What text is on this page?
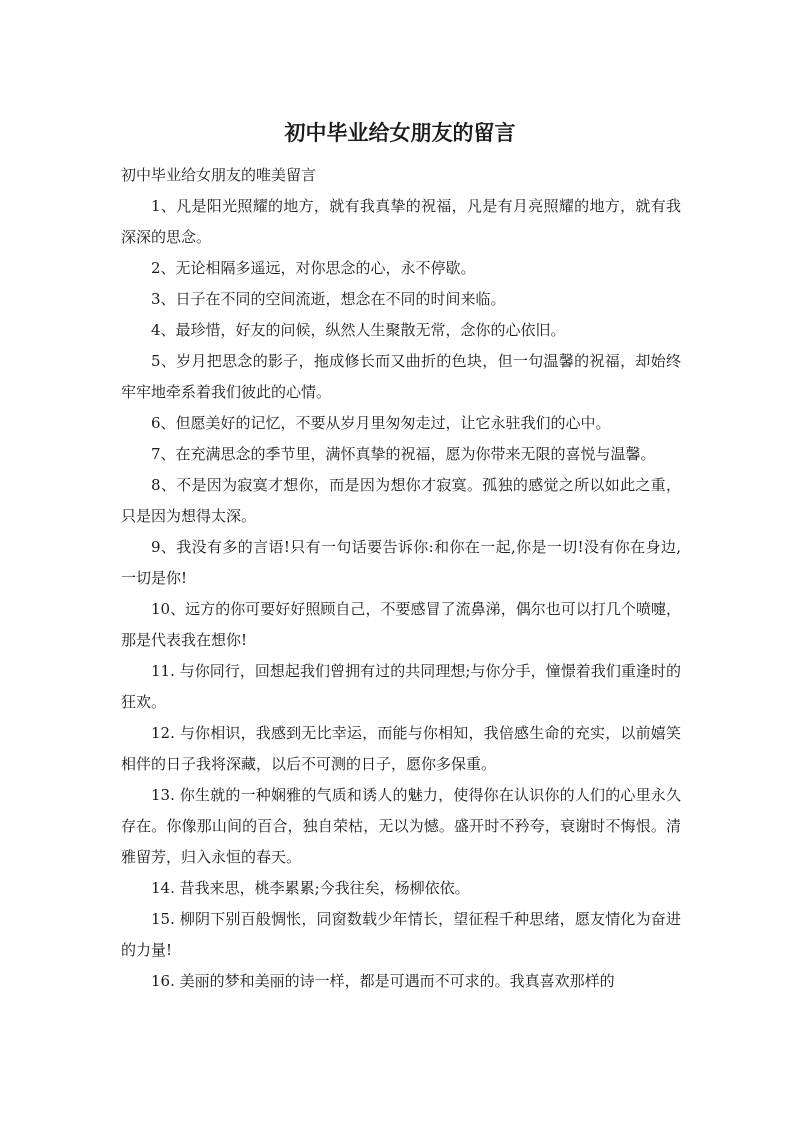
初中毕业给女朋友的留言

初中毕业给女朋友的唯美留言

1、凡是阳光照耀的地方，就有我真挚的祝福，凡是有月亮照耀的地方，就有我深深的思念。

2、无论相隔多遥远，对你思念的心，永不停歇。

3、日子在不同的空间流逝，想念在不同的时间来临。

4、最珍惜，好友的问候，纵然人生聚散无常，念你的心依旧。

5、岁月把思念的影子，拖成修长而又曲折的色块，但一句温馨的祝福，却始终牢牢地牵系着我们彼此的心情。

6、但愿美好的记忆，不要从岁月里匆匆走过，让它永驻我们的心中。

7、在充满思念的季节里，满怀真挚的祝福，愿为你带来无限的喜悦与温馨。

8、不是因为寂寞才想你，而是因为想你才寂寞。孤独的感觉之所以如此之重，只是因为想得太深。

9、我没有多的言语!只有一句话要告诉你:和你在一起,你是一切!没有你在身边,一切是你!

10、远方的你可要好好照顾自己，不要感冒了流鼻涕，偶尔也可以打几个喷嚏，那是代表我在想你!

11. 与你同行，回想起我们曾拥有过的共同理想;与你分手，憧憬着我们重逢时的狂欢。

12. 与你相识，我感到无比幸运，而能与你相知，我倍感生命的充实，以前嬉笑相伴的日子我将深藏，以后不可测的日子，愿你多保重。

13. 你生就的一种娴雅的气质和诱人的魅力，使得你在认识你的人们的心里永久存在。你像那山间的百合，独自荣枯，无以为憾。盛开时不矜夸，衰谢时不悔恨。清雅留芳，归入永恒的春天。

14. 昔我来思，桃李累累;今我往矣，杨柳依依。

15. 柳阴下别百般惆怅，同窗数载少年情长，望征程千种思绪，愿友情化为奋进的力量!

16. 美丽的梦和美丽的诗一样，都是可遇而不可求的。我真喜欢那样的
